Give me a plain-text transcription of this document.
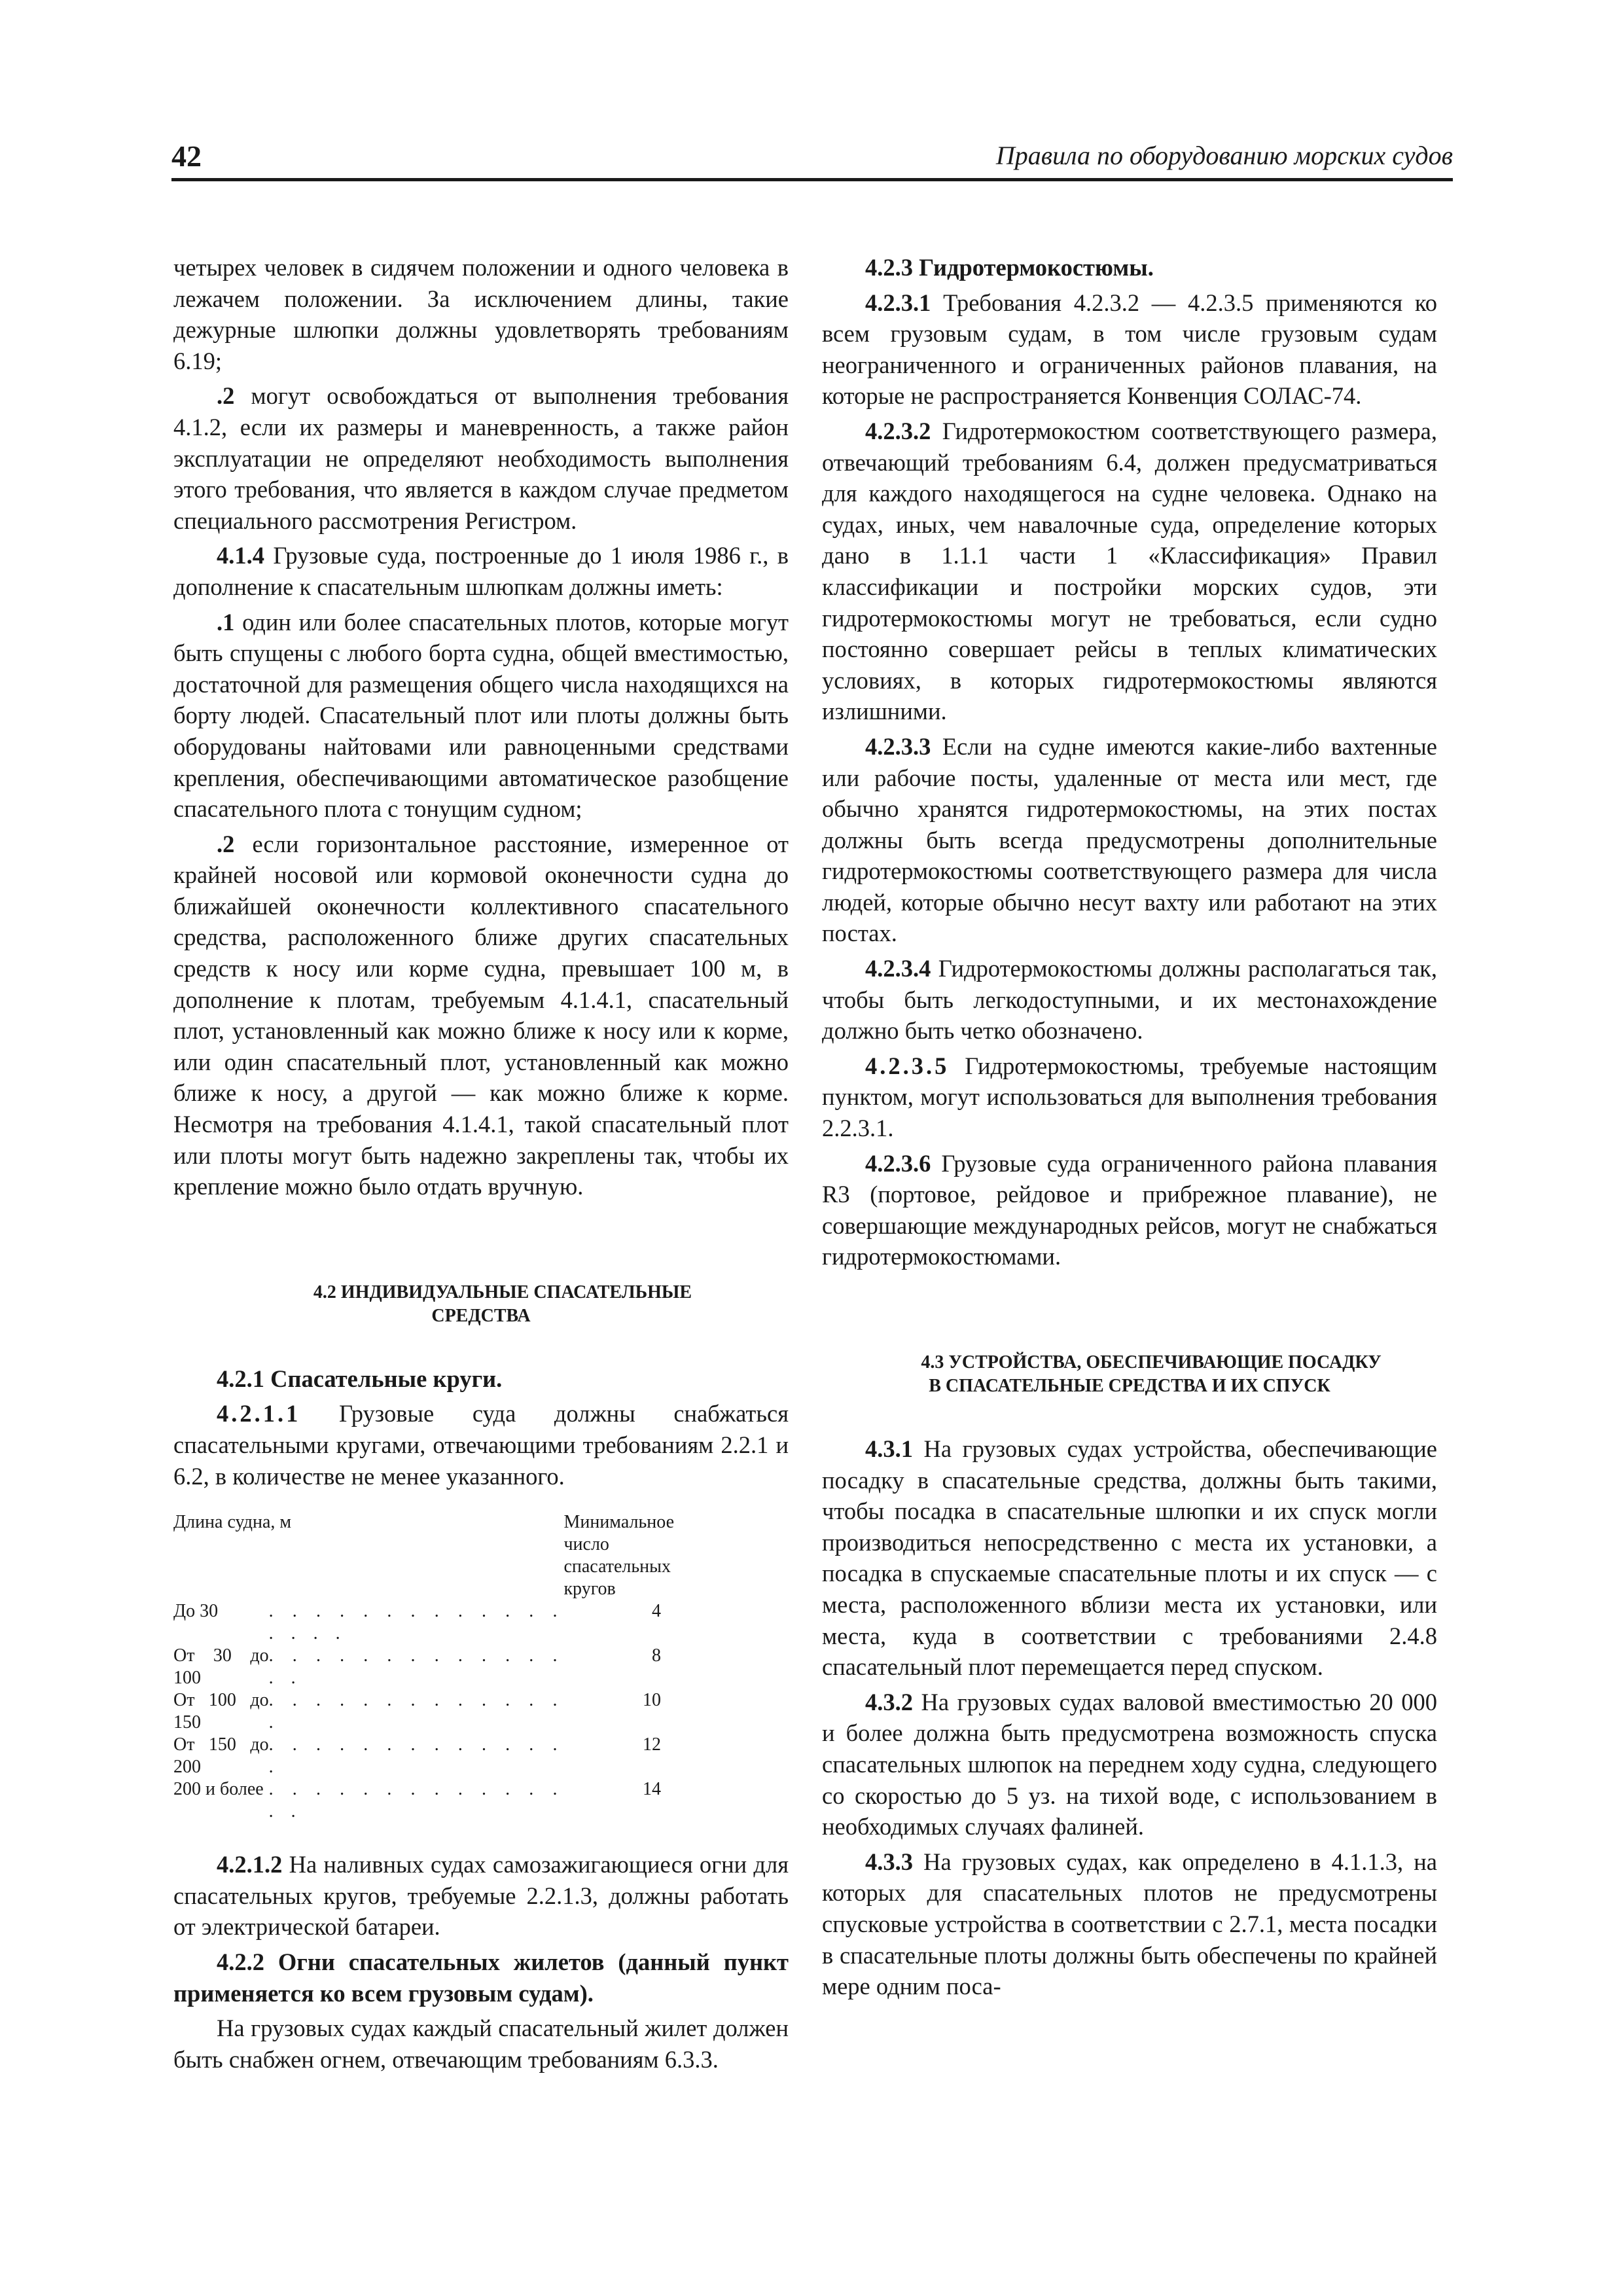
42	Правила по оборудованию морских судов

четырех человек в сидячем положении и одного человека в лежачем положении. За исключением длины, такие дежурные шлюпки должны удовлетворять требованиям 6.19;

.2 могут освобождаться от выполнения требования 4.1.2, если их размеры и маневренность, а также район эксплуатации не определяют необходимость выполнения этого требования, что является в каждом случае предметом специального рассмотрения Регистром.

4.1.4 Грузовые суда, построенные до 1 июля 1986 г., в дополнение к спасательным шлюпкам должны иметь:

.1 один или более спасательных плотов, которые могут быть спущены с любого борта судна, общей вместимостью, достаточной для размещения общего числа находящихся на борту людей. Спасательный плот или плоты должны быть оборудованы найтовами или равноценными средствами крепления, обеспечивающими автоматическое разобщение спасательного плота с тонущим судном;

.2 если горизонтальное расстояние, измеренное от крайней носовой или кормовой оконечности судна до ближайшей оконечности коллективного спасательного средства, расположенного ближе других спасательных средств к носу или корме судна, превышает 100 м, в дополнение к плотам, требуемым 4.1.4.1, спасательный плот, установленный как можно ближе к носу или к корме, или один спасательный плот, установленный как можно ближе к носу, а другой — как можно ближе к корме. Несмотря на требования 4.1.4.1, такой спасательный плот или плоты могут быть надежно закреплены так, чтобы их крепление можно было отдать вручную.

4.2 ИНДИВИДУАЛЬНЫЕ СПАСАТЕЛЬНЫЕ
СРЕДСТВА

4.2.1 Спасательные круги.

4.2.1.1 Грузовые суда должны снабжаться спасательными кругами, отвечающими требованиям 2.2.1 и 6.2, в количестве не менее указанного.

Длина судна, м		Минимальное число
спасательных кругов
До 30	. . . . . . . . . . . . . . . . .	4
От 30 до 100	. . . . . . . . . . . . . . .	8
От 100 до 150	. . . . . . . . . . . . . .	10
От 150 до 200	. . . . . . . . . . . . . .	12
200 и более	. . . . . . . . . . . . . . .	14

4.2.1.2 На наливных судах самозажигающиеся огни для спасательных кругов, требуемые 2.2.1.3, должны работать от электрической батареи.

4.2.2 Огни спасательных жилетов (данный пункт применяется ко всем грузовым судам).

На грузовых судах каждый спасательный жилет должен быть снабжен огнем, отвечающим требованиям 6.3.3.

4.2.3 Гидротермокостюмы.

4.2.3.1 Требования 4.2.3.2 — 4.2.3.5 применяются ко всем грузовым судам, в том числе грузовым судам неограниченного и ограниченных районов плавания, на которые не распространяется Конвенция СОЛАС-74.

4.2.3.2 Гидротермокостюм соответствующего размера, отвечающий требованиям 6.4, должен предусматриваться для каждого находящегося на судне человека. Однако на судах, иных, чем навалочные суда, определение которых дано в 1.1.1 части 1 «Классификация» Правил классификации и постройки морских судов, эти гидротермокостюмы могут не требоваться, если судно постоянно совершает рейсы в теплых климатических условиях, в которых гидротермокостюмы являются излишними.

4.2.3.3 Если на судне имеются какие-либо вахтенные или рабочие посты, удаленные от места или мест, где обычно хранятся гидротермокостюмы, на этих постах должны быть всегда предусмотрены дополнительные гидротермокостюмы соответствующего размера для числа людей, которые обычно несут вахту или работают на этих постах.

4.2.3.4 Гидротермокостюмы должны располагаться так, чтобы быть легкодоступными, и их местонахождение должно быть четко обозначено.

4.2.3.5 Гидротермокостюмы, требуемые настоящим пунктом, могут использоваться для выполнения требования 2.2.3.1.

4.2.3.6 Грузовые суда ограниченного района плавания R3 (портовое, рейдовое и прибрежное плавание), не совершающие международных рейсов, могут не снабжаться гидротермокостюмами.

4.3 УСТРОЙСТВА, ОБЕСПЕЧИВАЮЩИЕ ПОСАДКУ
В СПАСАТЕЛЬНЫЕ СРЕДСТВА И ИХ СПУСК

4.3.1 На грузовых судах устройства, обеспечивающие посадку в спасательные средства, должны быть такими, чтобы посадка в спасательные шлюпки и их спуск могли производиться непосредственно с места их установки, а посадка в спускаемые спасательные плоты и их спуск — с места, расположенного вблизи места их установки, или места, куда в соответствии с требованиями 2.4.8 спасательный плот перемещается перед спуском.

4.3.2 На грузовых судах валовой вместимостью 20 000 и более должна быть предусмотрена возможность спуска спасательных шлюпок на переднем ходу судна, следующего со скоростью до 5 уз. на тихой воде, с использованием в необходимых случаях фалиней.

4.3.3 На грузовых судах, как определено в 4.1.1.3, на которых для спасательных плотов не предусмотрены спусковые устройства в соответствии с 2.7.1, места посадки в спасательные плоты должны быть обеспечены по крайней мере одним поса-
